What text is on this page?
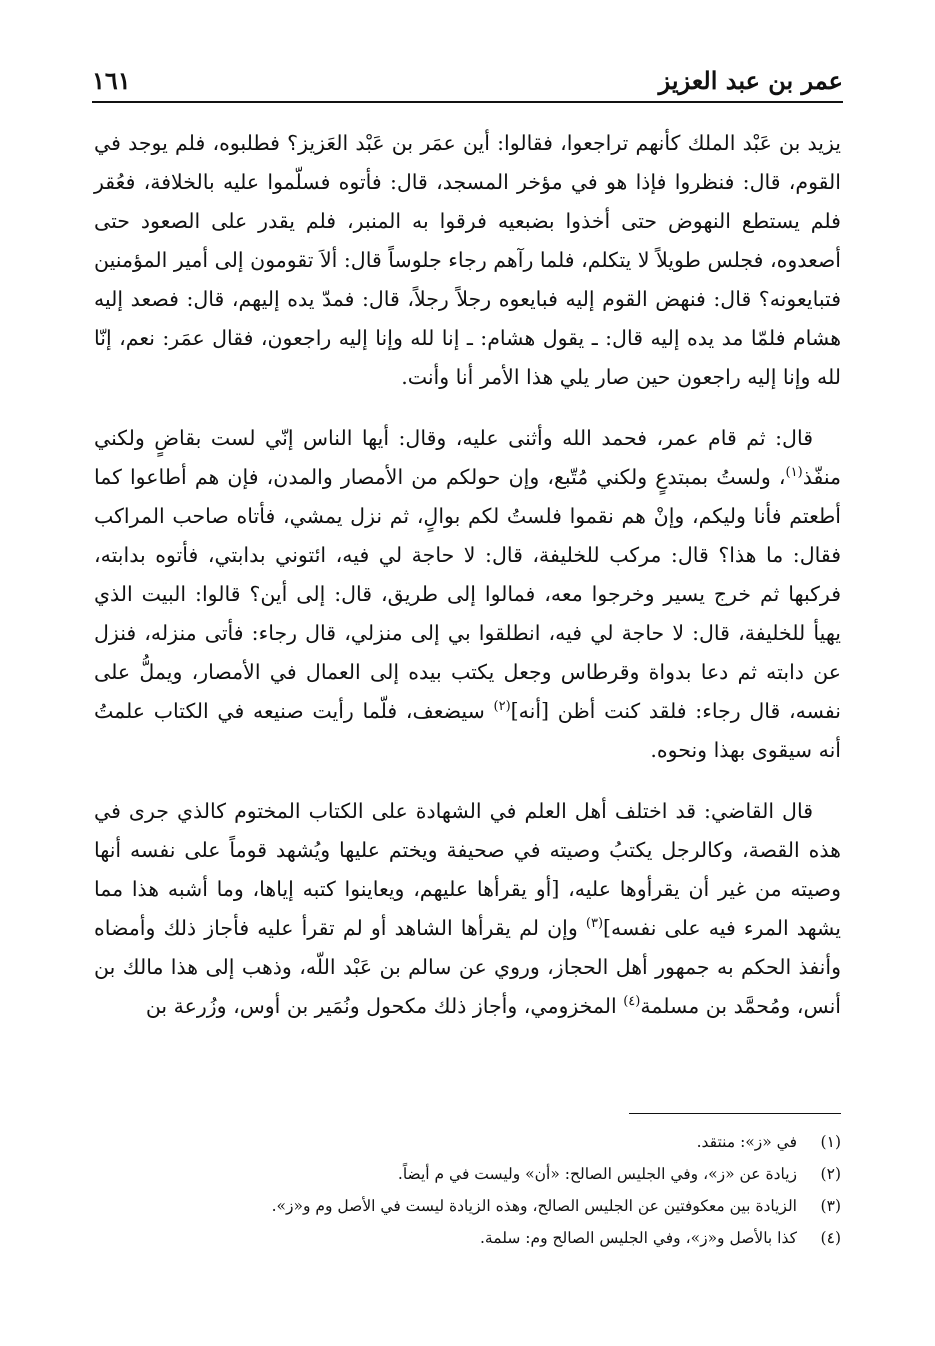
عمر بن عبد العزيز
١٦١

يزيد بن عَبْد الملك كأنهم تراجعوا، فقالوا: أين عمَر بن عَبْد العَزيز؟ فطلبوه، فلم يوجد في القوم، قال: فنظروا فإذا هو في مؤخر المسجد، قال: فأتوه فسلّموا عليه بالخلافة، فعُقر فلم يستطع النهوض حتى أخذوا بضبعيه فرقوا به المنبر، فلم يقدر على الصعود حتى أصعدوه، فجلس طويلاً لا يتكلم، فلما رآهم رجاء جلوساً قال: ألاَ تقومون إلى أمير المؤمنين فتبايعونه؟ قال: فنهض القوم إليه فبايعوه رجلاً رجلاً، قال: فمدّ يده إليهم، قال: فصعد إليه هشام فلمّا مد يده إليه قال: ـ يقول هشام: ـ إنا لله وإنا إليه راجعون، فقال عمَر: نعم، إنّا لله وإنا إليه راجعون حين صار يلي هذا الأمر أنا وأنت.

قال: ثم قام عمر، فحمد الله وأثنى عليه، وقال: أيها الناس إنّي لست بقاضٍ ولكني منفّذ$^{(١)}$، ولستُ بمبتدعٍ ولكني مُتّبع، وإن حولكم من الأمصار والمدن، فإن هم أطاعوا كما أطعتم فأنا وليكم، وإنْ هم نقموا فلستُ لكم بوالٍ، ثم نزل يمشي، فأتاه صاحب المراكب فقال: ما هذا؟ قال: مركب للخليفة، قال: لا حاجة لي فيه، ائتوني بدابتي، فأتوه بدابته، فركبها ثم خرج يسير وخرجوا معه، فمالوا إلى طريق، قال: إلى أين؟ قالوا: البيت الذي يهيأ للخليفة، قال: لا حاجة لي فيه، انطلقوا بي إلى منزلي، قال رجاء: فأتى منزله، فنزل عن دابته ثم دعا بدواة وقرطاس وجعل يكتب بيده إلى العمال في الأمصار، ويملُّ على نفسه، قال رجاء: فلقد كنت أظن [أنه]$^{(٢)}$ سيضعف، فلّما رأيت صنيعه في الكتاب علمتُ أنه سيقوى بهذا ونحوه.

قال القاضي: قد اختلف أهل العلم في الشهادة على الكتاب المختوم كالذي جرى في هذه القصة، وكالرجل يكتبُ وصيته في صحيفة ويختم عليها ويُشهد قوماً على نفسه أنها وصيته من غير أن يقرأوها عليه، [أو يقرأها عليهم، ويعاينوا كتبه إياها، وما أشبه هذا مما يشهد المرء فيه على نفسه]$^{(٣)}$ وإن لم يقرأها الشاهد أو لم تقرأ عليه فأجاز ذلك وأمضاه وأنفذ الحكم به جمهور أهل الحجاز، وروي عن سالم بن عَبْد اللّه، وذهب إلى هذا مالك بن أنس، ومُحمَّد بن مسلمة$^{(٤)}$ المخزومي، وأجاز ذلك مكحول ونُمَير بن أوس، وزُرعة بن

(١)
في «ز»: منتقد.
(٢)
زيادة عن «ز»، وفي الجليس الصالح: «أن» وليست في م أيضاً.
(٣)
الزيادة بين معكوفتين عن الجليس الصالح، وهذه الزيادة ليست في الأصل وم و«ز».
(٤)
كذا بالأصل و«ز»، وفي الجليس الصالح وم: سلمة.
